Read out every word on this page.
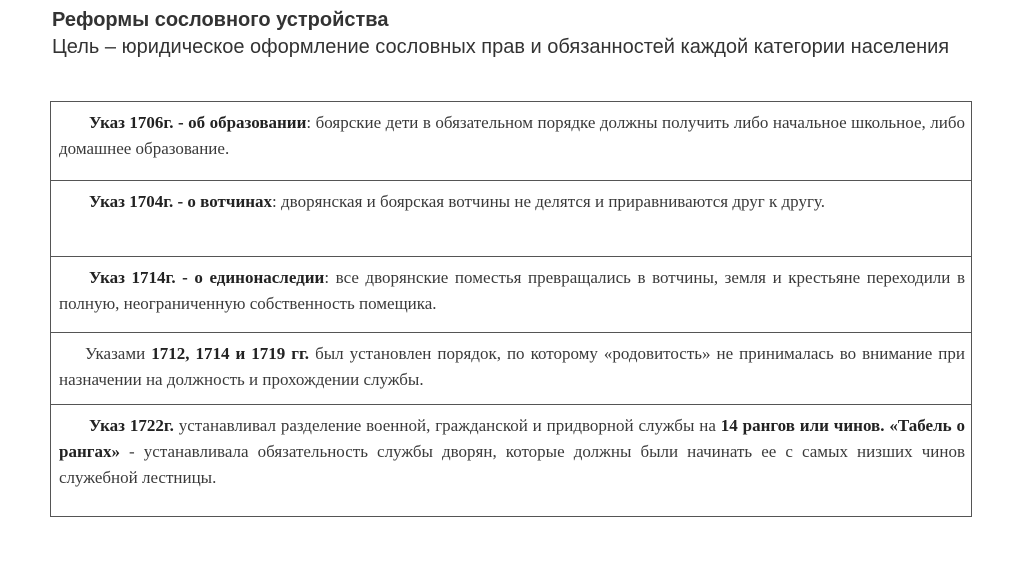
Реформы сословного устройства
Цель – юридическое оформление сословных прав и обязанностей каждой категории населения
Указ 1706г. - об образовании: боярские дети в обязательном порядке должны получить либо начальное школьное, либо домашнее образование.
Указ 1704г. - о вотчинах: дворянская и боярская вотчины не делятся и приравниваются друг к другу.
Указ 1714г. - о единонаследии: все дворянские поместья превращались в вотчины, земля и крестьяне переходили в полную, неограниченную собственность помещика.
Указами 1712, 1714 и 1719 гг. был установлен порядок, по которому «родовитость» не принималась во внимание при назначении на должность и прохождении службы.
Указ 1722г. устанавливал разделение военной, гражданской и придворной службы на 14 рангов или чинов. «Табель о рангах» - устанавливала обязательность службы дворян, которые должны были начинать ее с самых низших чинов служебной лестницы.
